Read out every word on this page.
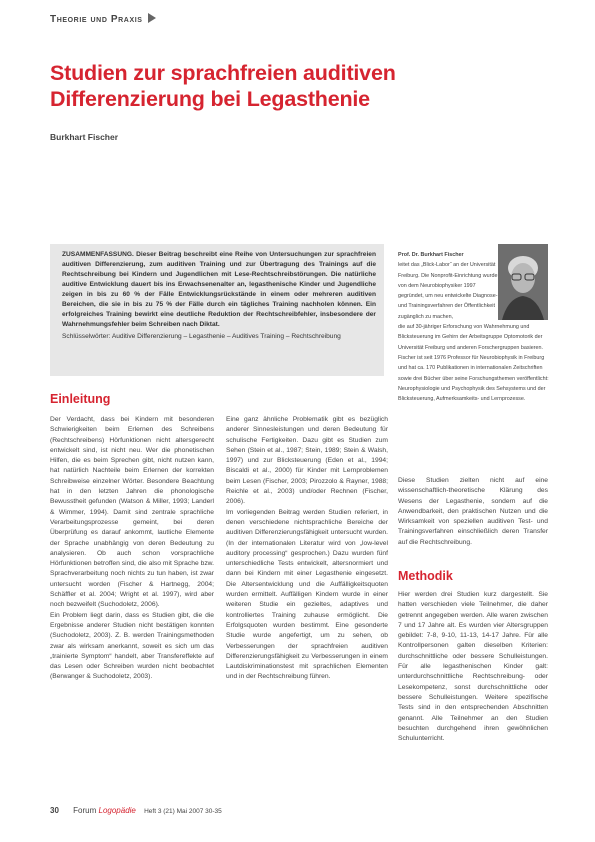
Theorie und Praxis
Studien zur sprachfreien auditiven
Differenzierung bei Legasthenie
Burkhart Fischer

ZUSAMMENFASSUNG. Dieser Beitrag beschreibt eine Reihe von Untersuchungen zur sprachfreien auditiven Differenzierung, zum auditiven Training und zur Übertragung des Trainings auf die Rechtschreibung bei Kindern und Jugendlichen mit Lese-Rechtschreibstörungen. Die natürliche auditive Entwicklung dauert bis ins Erwachsenenalter an, legasthenische Kinder und Jugendliche zeigen in bis zu 60 % der Fälle Entwicklungsrückstände in einem oder mehreren auditiven Bereichen, die sie in bis zu 75 % der Fälle durch ein tägliches Training nachholen können. Ein erfolgreiches Training bewirkt eine deutliche Reduktion der Rechtschreibfehler, insbesondere der Wahrnehmungsfehler beim Schreiben nach Diktat.

Schlüsselwörter: Auditive Differenzierung – Legasthenie – Auditives Training – Rechtschreibung

Prof. Dr. Burkhart Fischer
leitet das „Blick-Labor“ an der Universität Freiburg. Die Nonprofit-Einrichtung wurde von dem Neurobiophysiker 1997 gegründet, um neu entwickelte Diagnose- und Trainingsverfahren der Öffentlichkeit zugänglich zu machen,
die auf 30-jähriger Erforschung von Wahrnehmung und Blicksteuerung im Gehirn der Arbeitsgruppe Optomotorik der Universität Freiburg und anderen Forschergruppen basieren. Fischer ist seit 1976 Professor für Neurobiophysik in Freiburg und hat ca. 170 Publikationen in internationalen Zeitschriften sowie drei Bücher über seine Forschungsthemen veröffentlicht: Neurophysiologie und Psychophysik des Sehsystems und der Blicksteuerung, Aufmerksamkeits- und Lernprozesse.
Einleitung

Der Verdacht, dass bei Kindern mit besonderen Schwierigkeiten beim Erlernen des Schreibens (Rechtschreibens) Hörfunktionen nicht altersgerecht entwickelt sind, ist nicht neu. Wer die phonetischen Hilfen, die es beim Sprechen gibt, nicht nutzen kann, hat natürlich Nachteile beim Erlernen der korrekten Schreibweise einzelner Wörter. Besondere Beachtung hat in den letzten Jahren die phonologische Bewusstheit gefunden (Watson & Miller, 1993; Landerl & Wimmer, 1994). Damit sind zentrale sprachliche Verarbeitungsprozesse gemeint, bei deren Überprüfung es darauf ankommt, lautliche Elemente der Sprache unabhängig von deren Bedeutung zu analysieren. Ob auch schon vorsprachliche Hörfunktionen betroffen sind, die also mit Sprache bzw. Sprachverarbeitung noch nichts zu tun haben, ist zwar untersucht worden (Fischer & Hartnegg, 2004; Schäffler et al. 2004; Wright et al. 1997), wird aber noch bezweifelt (Suchodoletz, 2006).

Ein Problem liegt darin, dass es Studien gibt, die die Ergebnisse anderer Studien nicht bestätigen konnten (Suchodoletz, 2003). Z. B. werden Trainingsmethoden zwar als wirksam anerkannt, soweit es sich um das „trainierte Symptom“ handelt, aber Transfereffekte auf das Lesen oder Schreiben wurden nicht beobachtet (Berwanger & Suchodoletz, 2003).

Eine ganz ähnliche Problematik gibt es bezüglich anderer Sinnesleistungen und deren Bedeutung für schulische Fertigkeiten. Dazu gibt es Studien zum Sehen (Stein et al., 1987; Stein, 1989; Stein & Walsh, 1997) und zur Blicksteuerung (Eden et al., 1994; Biscaldi et al., 2000) für Kinder mit Lernproblemen beim Lesen (Fischer, 2003; Pirozzolo & Rayner, 1988; Reichle et al., 2003) und/oder Rechnen (Fischer, 2006).

Im vorliegenden Beitrag werden Studien referiert, in denen verschiedene nichtsprachliche Bereiche der auditiven Differenzierungsfähigkeit untersucht wurden. (In der internationalen Literatur wird von „low-level auditory processing“ gesprochen.) Dazu wurden fünf unterschiedliche Tests entwickelt, altersnormiert und dann bei Kindern mit einer Legasthenie eingesetzt. Die Altersentwicklung und die Auffälligkeitsquoten wurden ermittelt. Auffälligen Kindern wurde in einer weiteren Studie ein gezieltes, adaptives und kontrolliertes Training zuhause ermöglicht. Die Erfolgsquoten wurden bestimmt. Eine gesonderte Studie wurde angefertigt, um zu sehen, ob Verbesserungen der sprachfreien auditiven Differenzierungsfähigkeit zu Verbesserungen in einem Lautdiskriminationstest mit sprachlichen Elementen und in der Rechtschreibung führen.

Diese Studien zielten nicht auf eine wissenschaftlich-theoretische Klärung des Wesens der Legasthenie, sondern auf die Anwendbarkeit, den praktischen Nutzen und die Wirksamkeit von speziellen auditiven Test- und Trainingsverfahren einschließlich deren Transfer auf die Rechtschreibung.

Methodik

Hier werden drei Studien kurz dargestellt. Sie hatten verschieden viele Teilnehmer, die daher getrennt angegeben werden. Alle waren zwischen 7 und 17 Jahre alt. Es wurden vier Altersgruppen gebildet: 7-8, 9-10, 11-13, 14-17 Jahre. Für alle Kontrollpersonen galten dieselben Kriterien: durchschnittliche oder bessere Schulleistungen. Für alle legasthenischen Kinder galt: unterdurchschnittliche Rechtschreibung- oder Lesekompetenz, sonst durchschnittliche oder bessere Schulleistungen. Weitere spezifische Tests sind in den entsprechenden Abschnitten genannt. Alle Teilnehmer an den Studien besuchten durchgehend ihren gewöhnlichen Schulunterricht.

30 Forum Logopädie Heft 3 (21) Mai 2007 30-35
